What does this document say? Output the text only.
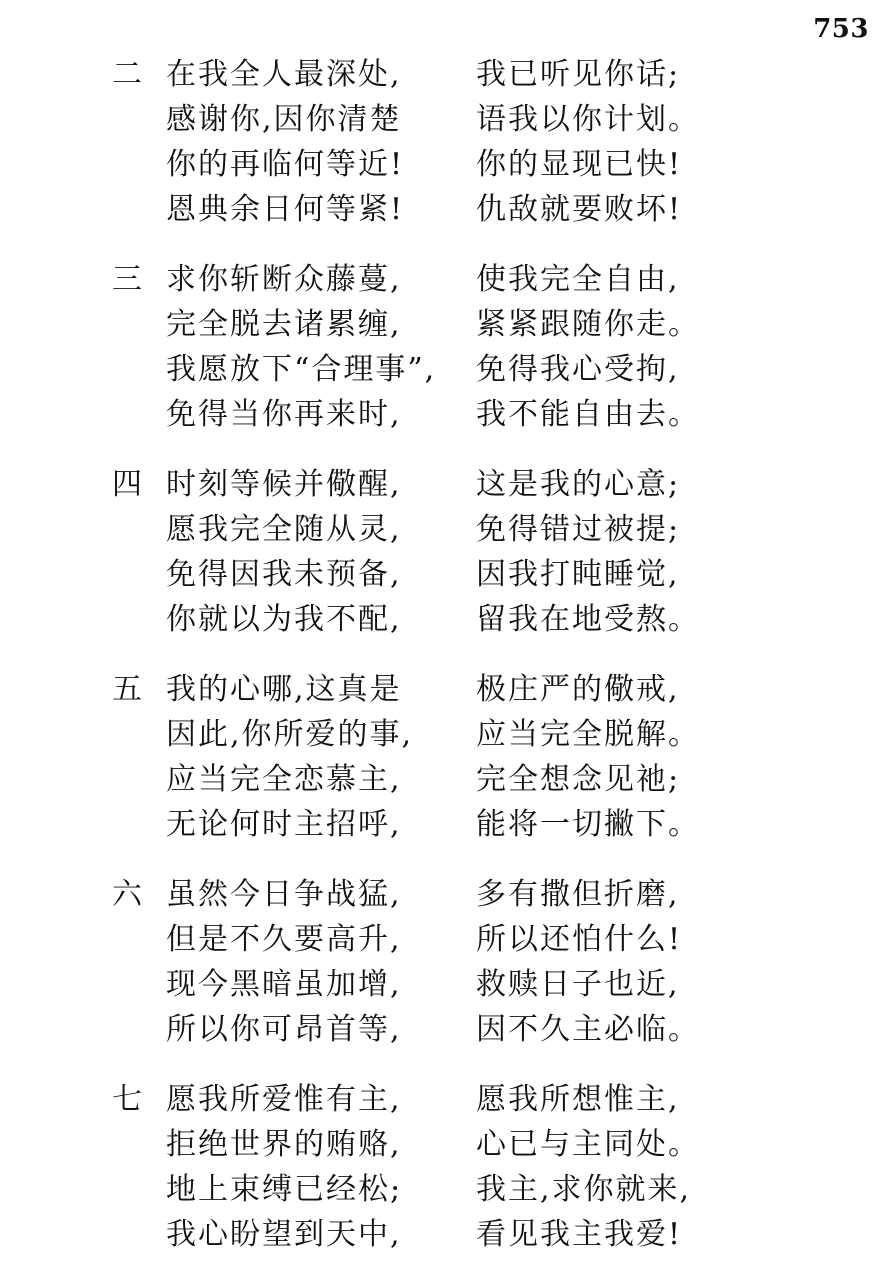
753
二 在我全人最深处, 我已听见你话;
感谢你,因你清楚 语我以你计划。
你的再临何等近! 你的显现已快!
恩典余日何等紧! 仇敌就要败坏!
三 求你斩断众藤蔓, 使我完全自由,
完全脱去诸累缠, 紧紧跟随你走。
我愿放下“合理事”, 免得我心受拘,
免得当你再来时, 我不能自由去。
四 时刻等候并儆醒, 这是我的心意;
愿我完全随从灵, 免得错过被提;
免得因我未预备, 因我打盹睡觉,
你就以为我不配, 留我在地受熬。
五 我的心哪,这真是 极庄严的儆戒,
因此,你所爱的事, 应当完全脱解。
应当完全恋慕主, 完全想念见祂;
无论何时主招呼, 能将一切撇下。
六 虽然今日争战猛, 多有撒但折磨,
但是不久要高升, 所以还怕什么!
现今黑暗虽加增, 救赎日子也近,
所以你可昂首等, 因不久主必临。
七 愿我所爱惟有主, 愿我所想惟主,
拒绝世界的贿赂, 心已与主同处。
地上束缚已经松; 我主,求你就来,
我心盼望到天中, 看见我主我爱!
